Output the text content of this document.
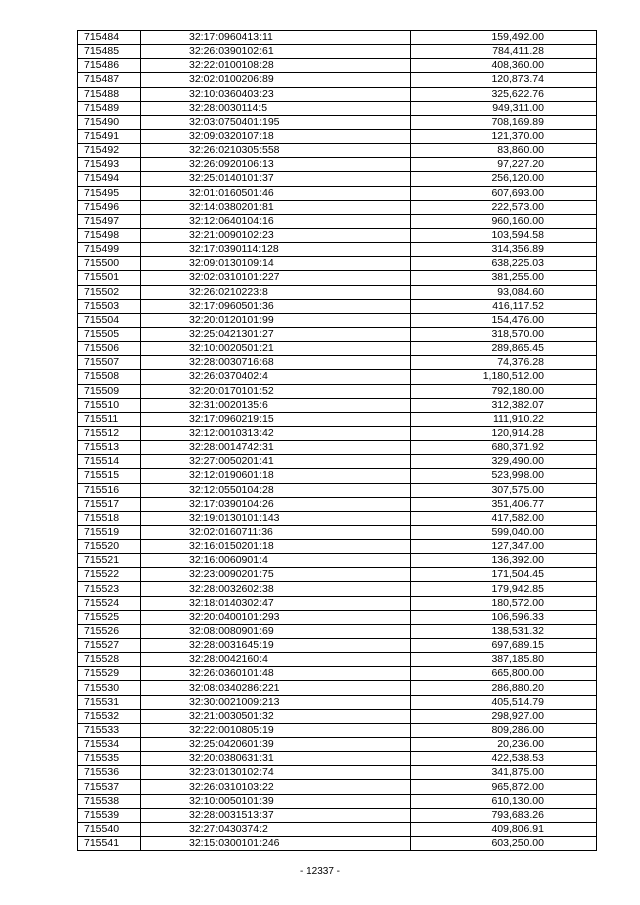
715484	32:17:0960413:11	159,492.00
715485	32:26:0390102:61	784,411.28
715486	32:22:0100108:28	408,360.00
715487	32:02:0100206:89	120,873.74
715488	32:10:0360403:23	325,622.76
715489	32:28:0030114:5	949,311.00
715490	32:03:0750401:195	708,169.89
715491	32:09:0320107:18	121,370.00
715492	32:26:0210305:558	83,860.00
715493	32:26:0920106:13	97,227.20
715494	32:25:0140101:37	256,120.00
715495	32:01:0160501:46	607,693.00
715496	32:14:0380201:81	222,573.00
715497	32:12:0640104:16	960,160.00
715498	32:21:0090102:23	103,594.58
715499	32:17:0390114:128	314,356.89
715500	32:09:0130109:14	638,225.03
715501	32:02:0310101:227	381,255.00
715502	32:26:0210223:8	93,084.60
715503	32:17:0960501:36	416,117.52
715504	32:20:0120101:99	154,476.00
715505	32:25:0421301:27	318,570.00
715506	32:10:0020501:21	289,865.45
715507	32:28:0030716:68	74,376.28
715508	32:26:0370402:4	1,180,512.00
715509	32:20:0170101:52	792,180.00
715510	32:31:0020135:6	312,382.07
715511	32:17:0960219:15	111,910.22
715512	32:12:0010313:42	120,914.28
715513	32:28:0014742:31	680,371.92
715514	32:27:0050201:41	329,490.00
715515	32:12:0190601:18	523,998.00
715516	32:12:0550104:28	307,575.00
715517	32:17:0390104:26	351,406.77
715518	32:19:0130101:143	417,582.00
715519	32:02:0160711:36	599,040.00
715520	32:16:0150201:18	127,347.00
715521	32:16:0060901:4	136,392.00
715522	32:23:0090201:75	171,504.45
715523	32:28:0032602:38	179,942.85
715524	32:18:0140302:47	180,572.00
715525	32:20:0400101:293	106,596.33
715526	32:08:0080901:69	138,531.32
715527	32:28:0031645:19	697,689.15
715528	32:28:0042160:4	387,185.80
715529	32:26:0360101:48	665,800.00
715530	32:08:0340286:221	286,880.20
715531	32:30:0021009:213	405,514.79
715532	32:21:0030501:32	298,927.00
715533	32:22:0010805:19	809,286.00
715534	32:25:0420601:39	20,236.00
715535	32:20:0380631:31	422,538.53
715536	32:23:0130102:74	341,875.00
715537	32:26:0310103:22	965,872.00
715538	32:10:0050101:39	610,130.00
715539	32:28:0031513:37	793,683.26
715540	32:27:0430374:2	409,806.91
715541	32:15:0300101:246	603,250.00
- 12337 -
